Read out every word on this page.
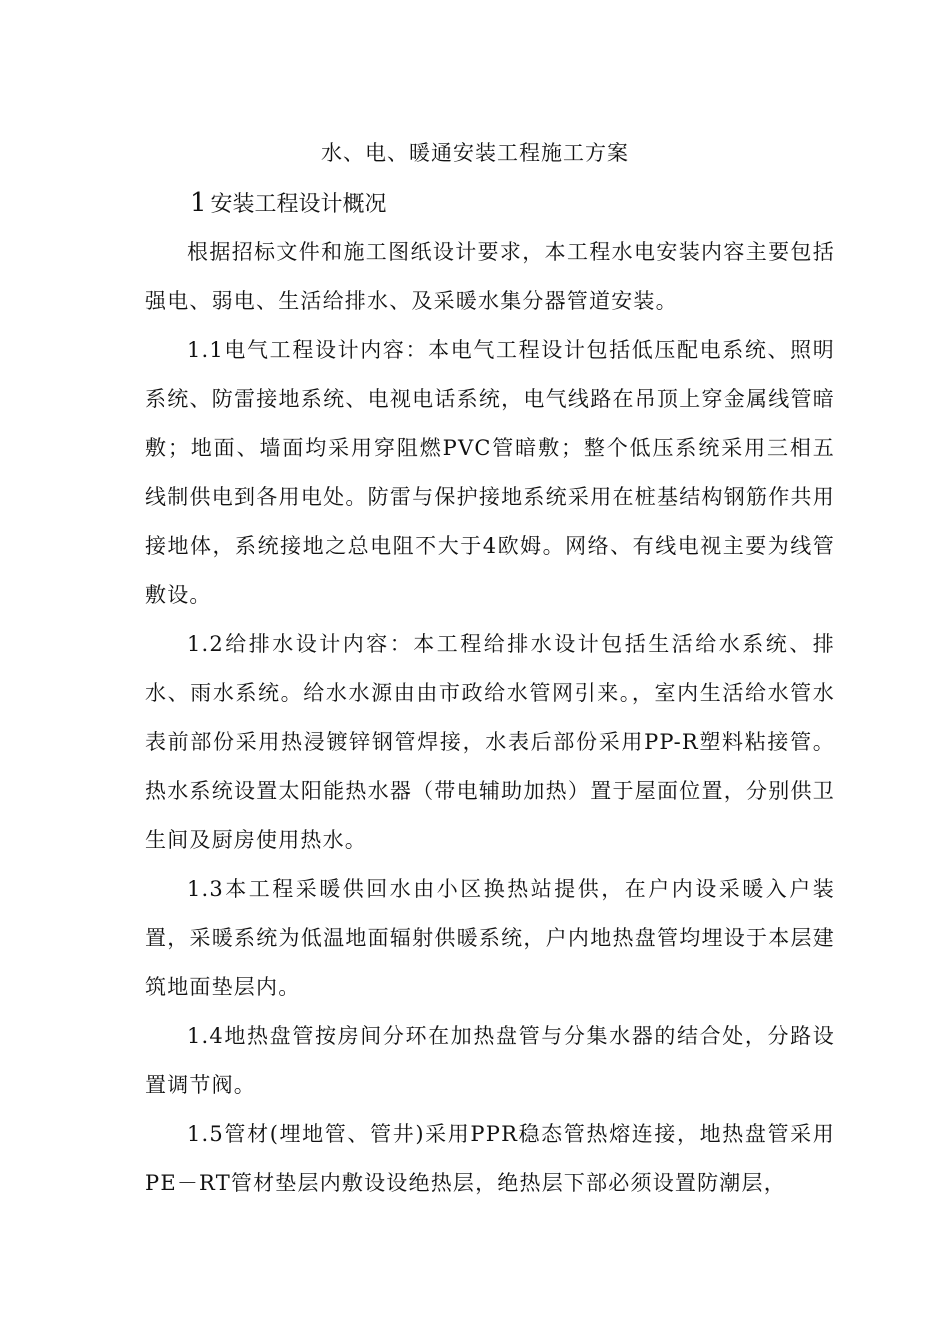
水、电、暖通安装工程施工方案
1 安装工程设计概况

根据招标文件和施工图纸设计要求，本工程水电安装内容主要包括强电、弱电、生活给排水、及采暖水集分器管道安装。

1.1电气工程设计内容：本电气工程设计包括低压配电系统、照明系统、防雷接地系统、电视电话系统，电气线路在吊顶上穿金属线管暗敷；地面、墙面均采用穿阻燃PVC管暗敷；整个低压系统采用三相五线制供电到各用电处。防雷与保护接地系统采用在桩基结构钢筋作共用接地体，系统接地之总电阻不大于4欧姆。网络、有线电视主要为线管敷设。

1.2给排水设计内容：本工程给排水设计包括生活给水系统、排水、雨水系统。给水水源由由市政给水管网引来。，室内生活给水管水表前部份采用热浸镀锌钢管焊接，水表后部份采用PP-R塑料粘接管。热水系统设置太阳能热水器（带电辅助加热）置于屋面位置，分别供卫生间及厨房使用热水。

1.3本工程采暖供回水由小区换热站提供，在户内设采暖入户装置，采暖系统为低温地面辐射供暖系统，户内地热盘管均埋设于本层建筑地面垫层内。

1.4地热盘管按房间分环在加热盘管与分集水器的结合处，分路设置调节阀。

1.5管材(埋地管、管井)采用PPR稳态管热熔连接，地热盘管采用PE－RT管材垫层内敷设设绝热层，绝热层下部必须设置防潮层，
